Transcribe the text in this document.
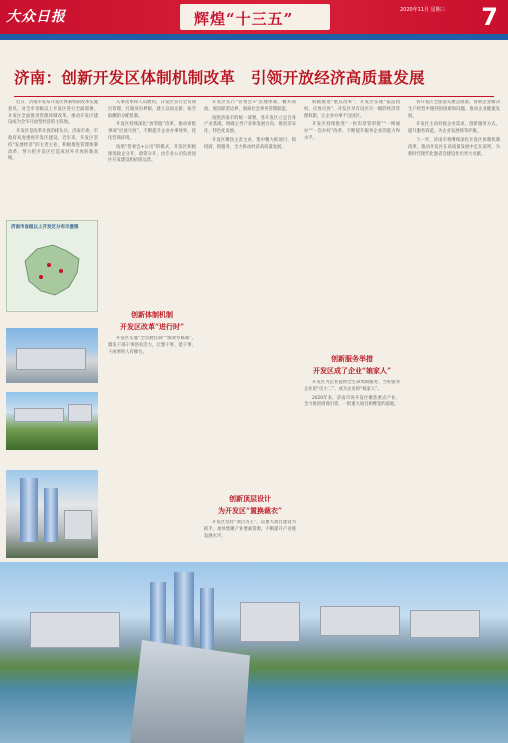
大众日报	辉煌“十三五”	2020年11月 星期三 7
济南：创新开发区体制机制改革　引领开放经济高质量发展

近日，济南市发布开发区体制机制改革实施意见，对全市省级以上开发区进行全面部署，开发区全面推进管理体制改革，推动开发区建设成为全市开放型经济的主阵地。

开发区是改革开放的排头兵，济南市委、市政府高度重视开发区建设。近年来，开发区坚持“发展经济”的主责主业，积极推进管理体制改革，努力把开发区打造成对外开放的新高地。

济南市省级以上开发区分布示意图

入事改革和人员聘用，开发区实行全员岗位管理，打破身份界限，建立以岗定薪、按劳取酬的分配机制。

开发区持续深化“放管服”改革，推动审批事项“应放尽放”，不断提升企业办事效率，优化营商环境。

按照“管委会+公司”的模式，开发区积极推进政企分开、政资分开，由专业公司负责园区开发建设和招商运营。

创新体制机制
开发区改革“进行时”

开发区实施“全员聘任制”“绩效考核制”，激发干部干事创业活力，让想干事、能干事、干成事的人有舞台。

开发区实行“管委会+”管理体制，精兵简政，厘清职责边界，剥离社会事务管理职能。

按照济南市的统一部署，各开发区立足自身产业基础，明确主导产业和发展方向，推进差异化、特色化发展。

开发区聚焦主责主业，集中精力抓项目、抓招商、抓服务，全力推动经济高质量发展。

创新顶层设计
为开发区“置换裁衣”

开发区坚持“项目为王”，以重大项目建设为抓手，加快集聚产业要素资源，不断提升产业链发展水平。

积极推进“重点改革”，开发区实现“依法授权、应放尽放”，开发区享有设区市一级的经济管理权限，让企业办事不出园区。

开发区持续推进“一枚印章管审批”“一网通办”“一次办好”改革，不断提升服务企业的能力和水平。

创新服务举措
开发区成了企业“娘家人”

开发区为企业提供全生命周期服务，当好服务企业的“店小二”，成为企业的“娘家人”。

2020年来，济南市各开发区聚焦重点产业，全力推进招商引资，一批重大项目相继签约落地。

各开发区全面落实惠企政策，帮助企业解决生产经营中遇到的困难和问题，推动企业健康发展。

开发区主动对接企业需求，创新服务方式，提升服务效能，为企业发展保驾护航。

下一步，济南市将继续深化开发区体制机制改革，推动开发区在高质量发展中走在前列，为新时代现代化强省会建设作出更大贡献。
